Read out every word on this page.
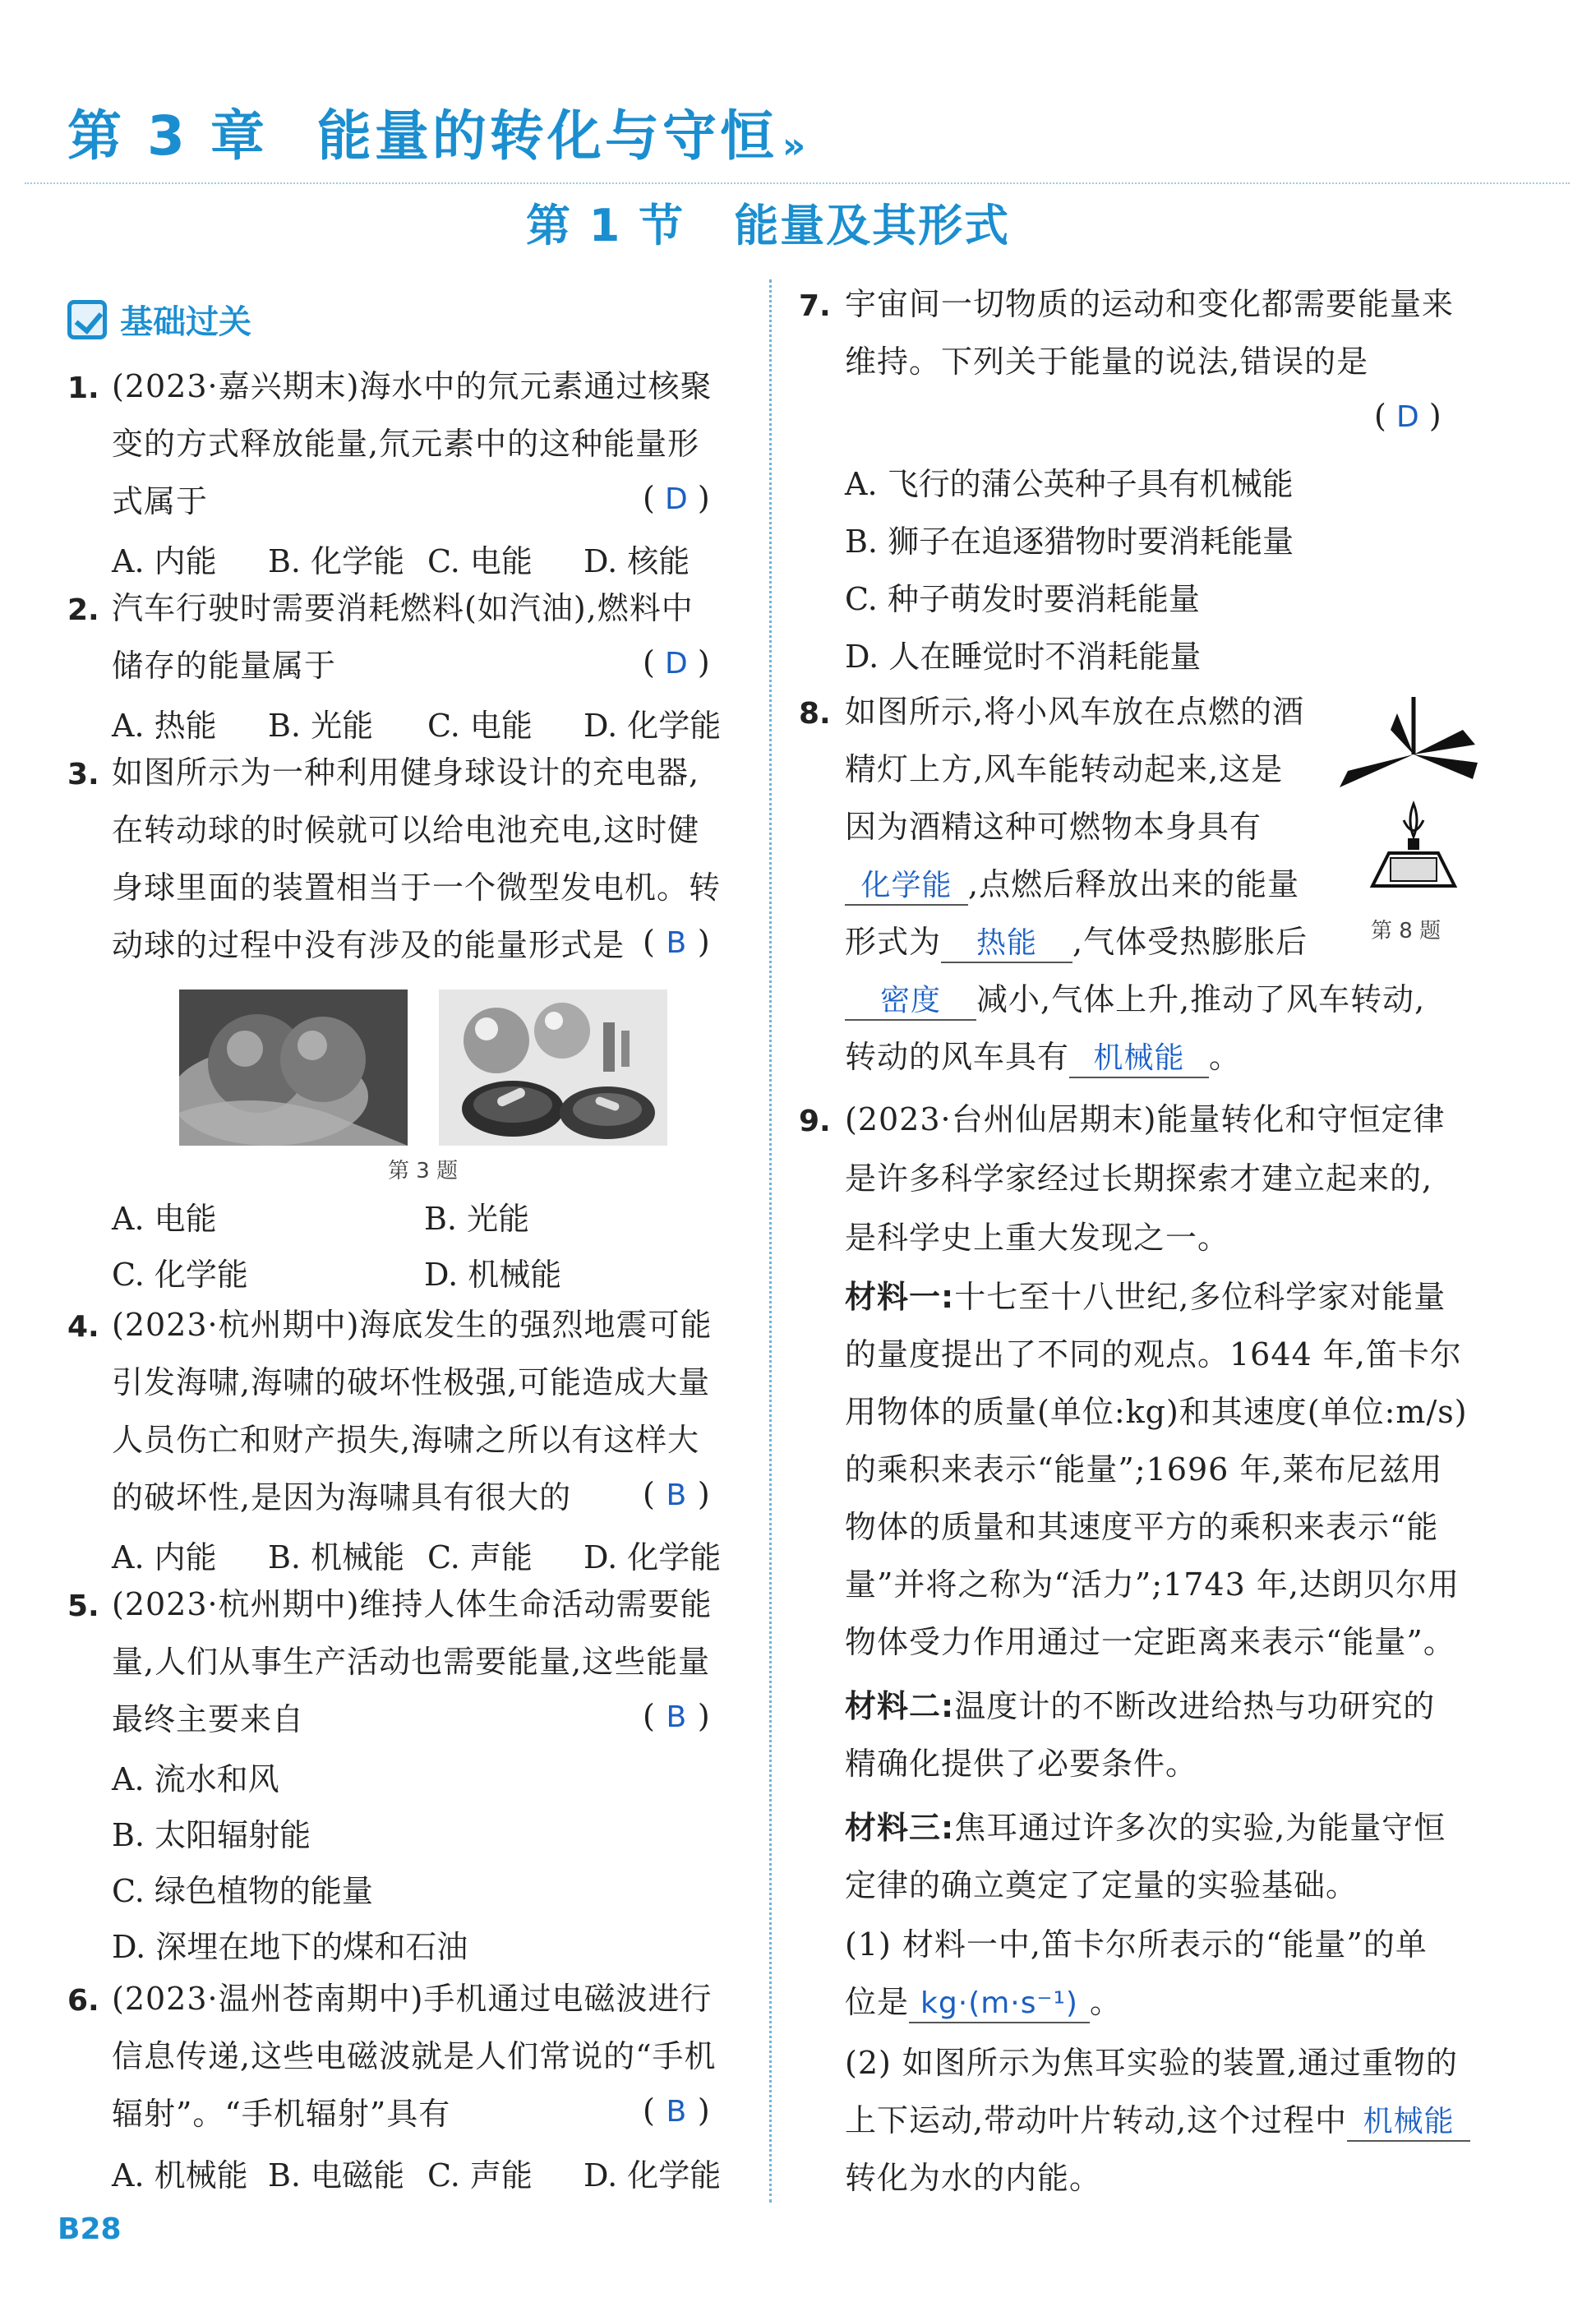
第 3 章 能量的转化与守恒 »
第 1 节 能量及其形式
基础过关
1. (2023·嘉兴期末)海水中的氘元素通过核聚
变的方式释放能量,氘元素中的这种能量形
式属于	( D )
A. 内能 B. 化学能 C. 电能 D. 核能
2. 汽车行驶时需要消耗燃料(如汽油),燃料中
储存的能量属于	( D )
A. 热能 B. 光能 C. 电能 D. 化学能
3. 如图所示为一种利用健身球设计的充电器,
在转动球的时候就可以给电池充电,这时健
身球里面的装置相当于一个微型发电机。转
动球的过程中没有涉及的能量形式是 ( B )
第 3 题
A. 电能	B. 光能
C. 化学能	D. 机械能
4. (2023·杭州期中)海底发生的强烈地震可能
引发海啸,海啸的破坏性极强,可能造成大量
人员伤亡和财产损失,海啸之所以有这样大
的破坏性,是因为海啸具有很大的 ( B )
A. 内能 B. 机械能 C. 声能 D. 化学能
5. (2023·杭州期中)维持人体生命活动需要能
量,人们从事生产活动也需要能量,这些能量
最终主要来自	( B )
A. 流水和风
B. 太阳辐射能
C. 绿色植物的能量
D. 深埋在地下的煤和石油
6. (2023·温州苍南期中)手机通过电磁波进行
信息传递,这些电磁波就是人们常说的“手机
辐射”。“手机辐射”具有	( B )
A. 机械能 B. 电磁能 C. 声能 D. 化学能
7. 宇宙间一切物质的运动和变化都需要能量来
维持。下列关于能量的说法,错误的是
( D )
A. 飞行的蒲公英种子具有机械能
B. 狮子在追逐猎物时要消耗能量
C. 种子萌发时要消耗能量
D. 人在睡觉时不消耗能量
8. 如图所示,将小风车放在点燃的酒
精灯上方,风车能转动起来,这是
因为酒精这种可燃物本身具有
化学能 ,点燃后释放出来的能量
形式为 热能 ,气体受热膨胀后
密度 减小,气体上升,推动了风车转动,
转动的风车具有 机械能 。
第 8 题
9. (2023·台州仙居期末)能量转化和守恒定律
是许多科学家经过长期探索才建立起来的,
是科学史上重大发现之一。
材料一:十七至十八世纪,多位科学家对能量
的量度提出了不同的观点。1644 年,笛卡尔
用物体的质量(单位:kg)和其速度(单位:m/s)
的乘积来表示“能量”;1696 年,莱布尼兹用
物体的质量和其速度平方的乘积来表示“能
量”并将之称为“活力”;1743 年,达朗贝尔用
物体受力作用通过一定距离来表示“能量”。
材料二:温度计的不断改进给热与功研究的
精确化提供了必要条件。
材料三:焦耳通过许多次的实验,为能量守恒
定律的确立奠定了定量的实验基础。
(1) 材料一中,笛卡尔所表示的“能量”的单
位是 kg·(m·s⁻¹) 。
(2) 如图所示为焦耳实验的装置,通过重物的
上下运动,带动叶片转动,这个过程中 机械能
转化为水的内能。
B28
